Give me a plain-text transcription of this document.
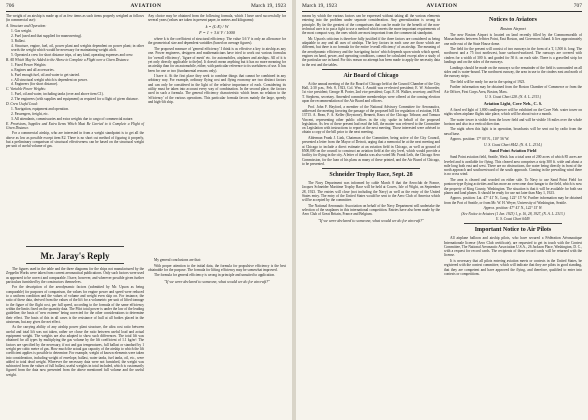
706	AVIATION	March 19, 1923

The weight of an airship is made up of as few items as such items properly weighed as follows (in commercial use):

A. Structure and Operation:
1. Gas weight.
2. Fuel (used and that supplied for maneuvering).
3. Ballast.
4. Structure, engine, fuel, oil, power plant and weights dependent on power plant; in other words the weight which would be necessary for maintaining weight aloft.
5. Operated a crew for short distance trips, of any kind, operating expenses and crew.
B. All Which May be Added to the Above to Complete a Flight over a Given Distance.
1. Fixed Power Weights:
a. Engines and all accessories.
b. Fuel enough fuel, oil and water to get started.
c. All structural weight which is dependent on power.
d. Engineers (for short distance).
C. Variable Power Weights:
1. Fuel, oil and water, including tanks (over and above item C1).
2. The engineers (with supplies and equipment) as required for a flight of given distance.
D. Crew Useful Load:
1. Navigation, equipment and operation.
2. Passengers, freight, etc.
3. All attendants, commissaries and extra weights due to cargo of commercial nature.
E. Provisions, Supplies and Extra Items Which Must Be Carried to it Complete a Flight of Given Distance.

For a commercial airship, who are interested in from a weight standpoint is to get all the above as low as possible except item E2. There is no short cut method of figuring it properly, but a preliminary comparison of structural effectiveness can be based on the structural weight per unit of useful volume of gas.

Any choice may be obtained from the following formula, which I have used successfully for several years (values are taken in present paper, in meters and kilograms):

k = (L·E) / W
F = 1 + 3.6 V / 1000

where k is the coefficient of structural efficiency. The value 3.6 V is only an allowance for the geometrical size and dependent variables (based on average figures).

The proposed measure of 'general efficiency' I think is as effective a key to airship as any one. Power engineers, designers and mathematicians have tried to work out various formulas for 'overall efficiency', 'figure of merit' etc. for automobiles, airplanes and airships. All of it is yet only directly applicable to the[m]. It doesn't mean anything but it has no more meaning for an airship than for an automobile, either, with particular reference to its usefulness of use. It has been for one or two (fundamental reasons only).

I have it. At the first place they seek to combine things that cannot be combined in any arbitrary way. For example, ordinary flying cost and flying economy are two distinct factors and can only be considered in the light of the relative importance of each. Considering its utility must be taken into account every way of combination. In the second place, the factors used in such a formula. The general efficiency characteristic which bears no relation to the 'efficiency' of the various operations. This particular formula favors mainly the large, speedy and high-lift ship.

Mr. Jaray's Reply

The figures used in the table and the three diagrams for the ships not manufactured by the Zeppelin Works were taken from current aeronautical publications. Only such factors were used as appeared to be correct and comparable. I have, however, and wherever possible given further particulars furnished by the constructors themselves.

For the description of the aerodynamic factors (submitted by Mr. Upson as being comparable) for purposes of comparison, the values for engine power and speed were reduced to a uniform condition and the values of volume and weight even skip on. For instance, the ratio of these data, derived from the values of the lift for a volumetric per unit of lifted tonnage to the figure of the flight cost, per full speed, according to the formula of the same efficiency within the limits fixed on the quantity data. The Pilot total power is under the law of the leading guideline; the basis of 'new extreme' being corrected for the other considerations to determine their effect. The basis of this in all cases is the resistance of hull at all bodies placed in the airstream, but any gives the net effect.

As the carrying ability of any airship power plant structure, the ultra cost ratio between useful and total lift was not taken, rather we chose the ratio between useful load and actual equipment weight. The weights are also adapted to show such differences. The total lift was obtained for all types by multiplying the gas volume by the lift coefficient of 1.1 kg/m³. The factors are specified by the necessary, if not and gas temperatures, full ballast or standard by 1 weight per cubic metre of gas. How much the actual gas capacity of the airship to which the lift coefficient applies is possible to determine. For example, weight of known elements were taken into consideration, including weight of envelope, ballast, water tanks, fuel tanks, oil, etc., were added to total dead weight. Wherever the necessary data were not furnished, the weight was subtracted from the values of full ballast, useful weights in total included, which is customarily figured from the data now presented from the above mentioned full volume and the useful weight.

My general conclusions are that:

With proper attention to the initial data, the formula for propulsive efficiency is the best obtainable for the purpose. The formula for lifting efficiency may be somewhat improved.

The formula for general efficiency is wrong in principle and unsuited to application.

"If we were declared to someone, what would we do for aircraft?"
March 19, 1923	AVIATION	707

means by which the various factors can be expressed without taking all the various elements entering into the problem under separate consideration. Any generalization is wrong in principle. By far the greatest of the comparisons that can be made for the benefit of the non-technical user is to put a fight to use a method which meets the more important requirements of the most compact way, the ones which are most important from the commercial standpoint.

Mr. Upson's criticism is therefore fully justified if the three factors are considered as being adaptable to any and all uses of airships. The key factors in each case are those which are different, but there is no formula for the entire 'overall efficiency' of an airship. The meaning of the aerodynamic efficiency and the 'navigating factor' which depends upon winds which speed, engines on hand, power, and operating conditions, cannot be calculated except after a study of the particular use in hand. For this reason no attempt has been made to apply the necessity data in the rest and the tables.

Air Board of Chicago

At the annual meeting of the Air Board of Chicago held at the Council Chamber of the City Hall, 2:30 p.m., Feb. 8, 1923, Col. Wm. J. Arnold was re-elected president; E. W. Schroeder, 1st vice president; George H. Porter, 2nd vice president; Capt. E. H. Walker, secretary, and Fred T. Stephens, secretary. Amended committee memberships were offered at the coming election upon the recommendation of the Air Board and officers.

Prof. John F. Hayford, a member of the National Advisory Committee for Aeronautics, addressed the meeting favoring the passage of the proposed bill for regulation of aviation, H.R. 13715. A. Bean, F. A. Keller (Keystone), Bennett, Knox of the Chicago Tribune, and Tomura Vincent, representing other public offices in the city, spoke in behalf of the proposed legislation. As few of these present had read the bill, the matter was referred to the Committee on Legislation with instructions to report at the next meeting. Those interested were advised to obtain a copy of the bill prior to the next meeting.

Alderman Frank J. Link, Chairman of the Committee, being active of the City Council, presented a letter from the Mayor of Detroit, urging that a memorial be at the next meeting and at Chicago to include a direct estimate at an aviation field in Chicago, as well as ground of $500,000 on the council to construct an aviation field at the city level, which would provide a facility for flying in the city. A letter of thanks was also voted Mr. Frank Leib, the Chicago Aero Commission, for the loan of his plans as many of these printed, and the Air Board of Chicago, to be presented.

Schneider Trophy Race, Sept. 28

The Navy Department was informed by cable March 8 that the Aeroclub de France, Jacques Schneider Maritime Trophy Race will be held at Cowes, Isle of Wight, on September 28, 1923. The entries will close (not including the Navy) as well as the entry of the United States entry. The entry of the United States would be sent to the Aero Club of America which will be accepted by the committee.

The National Aeronautic Association on behalf of the Navy Department will undertake the selection of the seaplanes in this international competition. Entries have also been made by the Aero Club of Great Britain, France and Belgium.

"If we were declared to someone, what would we do for aircraft?"
Notices to Aviators
Boston Airport

The new Boston Airport is located on land recently filled by the Commonwealth of Massachusetts between Jeffries Point, East Boston, and Governors Island. It lies approximately one mile east of the State House dome.

The field for the present will consist of two runways in the form of a T, 1,500 ft. long. The northwest and a 75 foot northwest, base surfaced-surfaced. The runways are covered with cinders for a width of 300 ft. and graded for 50 ft. on each side. There is a gravelled strip for landings and on the sides of the runways.

Landings should be made on the runways so the remainder of the field is surrounded on all sides and is water-bound. The northwest runway, the area in use to the cinders east and north of the runway strips.

The field will be ready for use in the spring of 1923.

Further information may be obtained from the Boston Chamber of Commerce or from the Air Officer, First Corps Area, Boston, Mass.

U. S. Coast Chart 228. (N. A. L. 2313.)
Aviation Light, Cove Neb., C. S.

A fixed red light of 1,800 candlepower will be exhibited on the Cove Neb. water tower on nights when airplane flights take place, which will be about twice a month.

The water tower is visible from the lower field and will be visible 16 miles over the whole horizon and also in a vertical direction.

The night when this light is in operation, broadcasts will be sent out by radio from the naval base.

Approx. position: 17° 00' N., 110° 56' W.

U. S. Coast Chart 8442. (N. A. L. 2314.)
Sand Point Aviation Field

Sand Point aviation field, Seattle, Wash. has a total area of 200 acres of which 85 acres are leveled and is available for flying. This cleared area comprises a strip 300 ft. wide and about a mile long both east and west. There are no obstructions, the water being directly in front of the north approach and southwestward of the south approach. Coming in the prevailing wind there is no cross wind.

The area is cleared and wooded on either side. To Navy to use Sand Point Field for pontoon-type flying activities and has more an overcome door hangar to the field, which is now the property of King County, Washington. The situation is that it will be available for both sea planes and land planes. It should be ready for use not later than May 1, 1923.

Approx. position: Lat. 47° 41' N., Long. 122° 15' W. Further information may be obtained from the Port of Seattle, or from Mr. W. H. Weyer, University of Washington, Seattle.

Approx. position: 47° 41' N., 122° 15' W.
(See Notice to Aviators (1 Jan. 1923) 1, p. 16, 28, 1927, (N. A. L. 2313.)
U. S. Coast Chart 6449.
Important Notice to Air Pilots

All airplane balloon and airship pilots, who have secured a Fédération Aéronautique Internationale license (Aero Club certificate), are requested to get in touch with the Contest Committee, The National Aeronautic Association U.S.A., 26 Jackson Place, Washington, D. C., with a request for record cards. The recipients of these record cards will be returned with the license.

It is necessary that all pilots entering aviation meets or contests in the United States, be registered with the contest committee, which will indicate that they are pilots in good standing, that they are competent and have approved the flying, and therefore, qualified to enter into contests or competitions.
